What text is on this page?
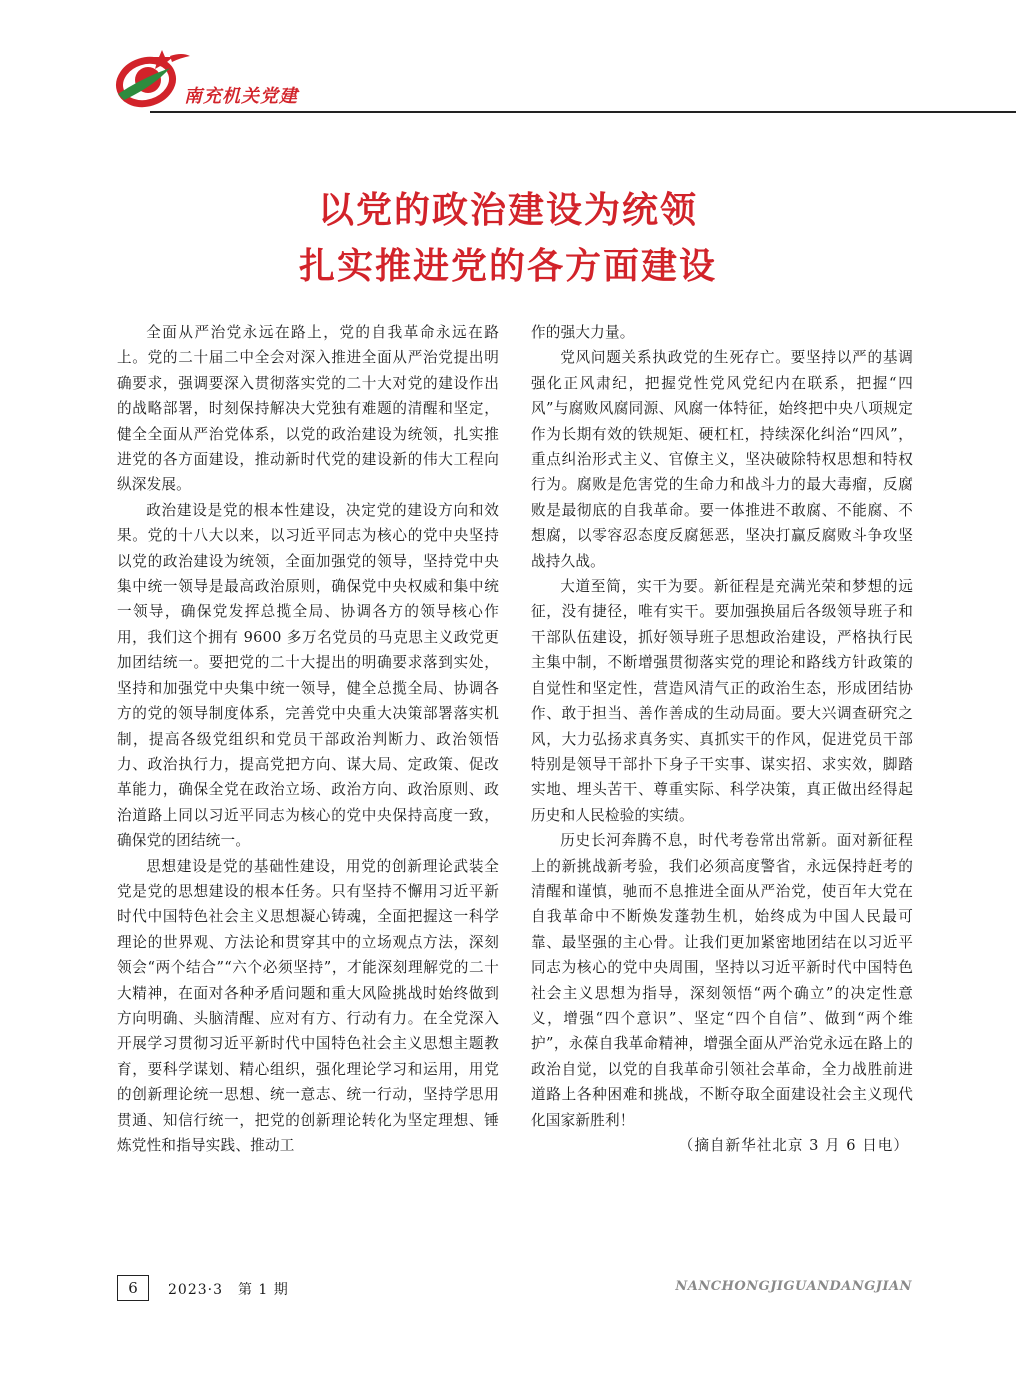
南充机关党建
以党的政治建设为统领
扎实推进党的各方面建设

全面从严治党永远在路上，党的自我革命永远在路上。党的二十届二中全会对深入推进全面从严治党提出明确要求，强调要深入贯彻落实党的二十大对党的建设作出的战略部署，时刻保持解决大党独有难题的清醒和坚定，健全全面从严治党体系，以党的政治建设为统领，扎实推进党的各方面建设，推动新时代党的建设新的伟大工程向纵深发展。

政治建设是党的根本性建设，决定党的建设方向和效果。党的十八大以来，以习近平同志为核心的党中央坚持以党的政治建设为统领，全面加强党的领导，坚持党中央集中统一领导是最高政治原则，确保党中央权威和集中统一领导，确保党发挥总揽全局、协调各方的领导核心作用，我们这个拥有 9600 多万名党员的马克思主义政党更加团结统一。要把党的二十大提出的明确要求落到实处，坚持和加强党中央集中统一领导，健全总揽全局、协调各方的党的领导制度体系，完善党中央重大决策部署落实机制，提高各级党组织和党员干部政治判断力、政治领悟力、政治执行力，提高党把方向、谋大局、定政策、促改革能力，确保全党在政治立场、政治方向、政治原则、政治道路上同以习近平同志为核心的党中央保持高度一致，确保党的团结统一。

思想建设是党的基础性建设，用党的创新理论武装全党是党的思想建设的根本任务。只有坚持不懈用习近平新时代中国特色社会主义思想凝心铸魂，全面把握这一科学理论的世界观、方法论和贯穿其中的立场观点方法，深刻领会“两个结合”“六个必须坚持”，才能深刻理解党的二十大精神，在面对各种矛盾问题和重大风险挑战时始终做到方向明确、头脑清醒、应对有方、行动有力。在全党深入开展学习贯彻习近平新时代中国特色社会主义思想主题教育，要科学谋划、精心组织，强化理论学习和运用，用党的创新理论统一思想、统一意志、统一行动，坚持学思用贯通、知信行统一，把党的创新理论转化为坚定理想、锤炼党性和指导实践、推动工

作的强大力量。

党风问题关系执政党的生死存亡。要坚持以严的基调强化正风肃纪，把握党性党风党纪内在联系，把握“四风”与腐败风腐同源、风腐一体特征，始终把中央八项规定作为长期有效的铁规矩、硬杠杠，持续深化纠治“四风”，重点纠治形式主义、官僚主义，坚决破除特权思想和特权行为。腐败是危害党的生命力和战斗力的最大毒瘤，反腐败是最彻底的自我革命。要一体推进不敢腐、不能腐、不想腐，以零容忍态度反腐惩恶，坚决打赢反腐败斗争攻坚战持久战。

大道至简，实干为要。新征程是充满光荣和梦想的远征，没有捷径，唯有实干。要加强换届后各级领导班子和干部队伍建设，抓好领导班子思想政治建设，严格执行民主集中制，不断增强贯彻落实党的理论和路线方针政策的自觉性和坚定性，营造风清气正的政治生态，形成团结协作、敢于担当、善作善成的生动局面。要大兴调查研究之风，大力弘扬求真务实、真抓实干的作风，促进党员干部特别是领导干部扑下身子干实事、谋实招、求实效，脚踏实地、埋头苦干、尊重实际、科学决策，真正做出经得起历史和人民检验的实绩。

历史长河奔腾不息，时代考卷常出常新。面对新征程上的新挑战新考验，我们必须高度警省，永远保持赶考的清醒和谨慎，驰而不息推进全面从严治党，使百年大党在自我革命中不断焕发蓬勃生机，始终成为中国人民最可靠、最坚强的主心骨。让我们更加紧密地团结在以习近平同志为核心的党中央周围，坚持以习近平新时代中国特色社会主义思想为指导，深刻领悟“两个确立”的决定性意义，增强“四个意识”、坚定“四个自信”、做到“两个维护”，永葆自我革命精神，增强全面从严治党永远在路上的政治自觉，以党的自我革命引领社会革命，全力战胜前进道路上各种困难和挑战，不断夺取全面建设社会主义现代化国家新胜利！

（摘自新华社北京 3 月 6 日电）

6	2023·3　第 1 期	NANCHONGJIGUANDANGJIAN
